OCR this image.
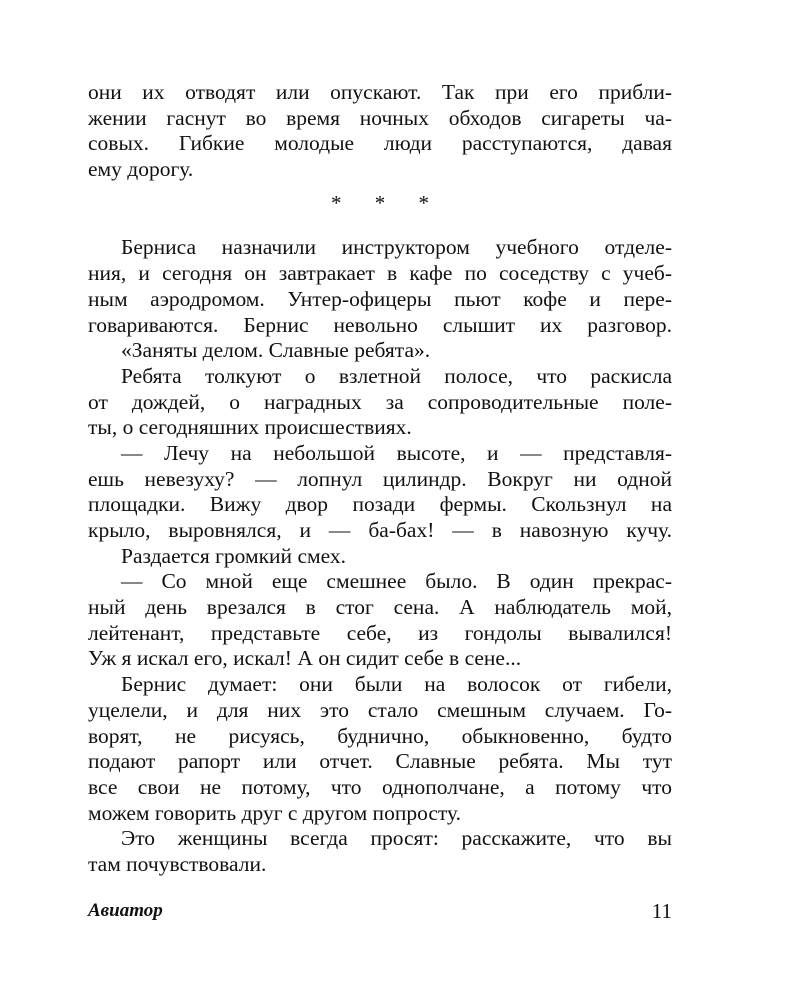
они их отводят или опускают. Так при его прибли-
жении гаснут во время ночных обходов сигареты ча-
совых. Гибкие молодые люди расступаются, давая
ему дорогу.
* * *
Берниса назначили инструктором учебного отделе-
ния, и сегодня он завтракает в кафе по соседству с учеб-
ным аэродромом. Унтер-офицеры пьют кофе и пере-
говариваются. Бернис невольно слышит их разговор.
«Заняты делом. Славные ребята».
Ребята толкуют о взлетной полосе, что раскисла
от дождей, о наградных за сопроводительные поле-
ты, о сегодняшних происшествиях.
— Лечу на небольшой высоте, и — представля-
ешь невезуху? — лопнул цилиндр. Вокруг ни одной
площадки. Вижу двор позади фермы. Скользнул на
крыло, выровнялся, и — ба-бах! — в навозную кучу.
Раздается громкий смех.
— Со мной еще смешнее было. В один прекрас-
ный день врезался в стог сена. А наблюдатель мой,
лейтенант, представьте себе, из гондолы вывалился!
Уж я искал его, искал! А он сидит себе в сене...
Бернис думает: они были на волосок от гибели,
уцелели, и для них это стало смешным случаем. Го-
ворят, не рисуясь, буднично, обыкновенно, будто
подают рапорт или отчет. Славные ребята. Мы тут
все свои не потому, что однополчане, а потому что
можем говорить друг с другом попросту.
Это женщины всегда просят: расскажите, что вы
там почувствовали.
Авиатор	11
